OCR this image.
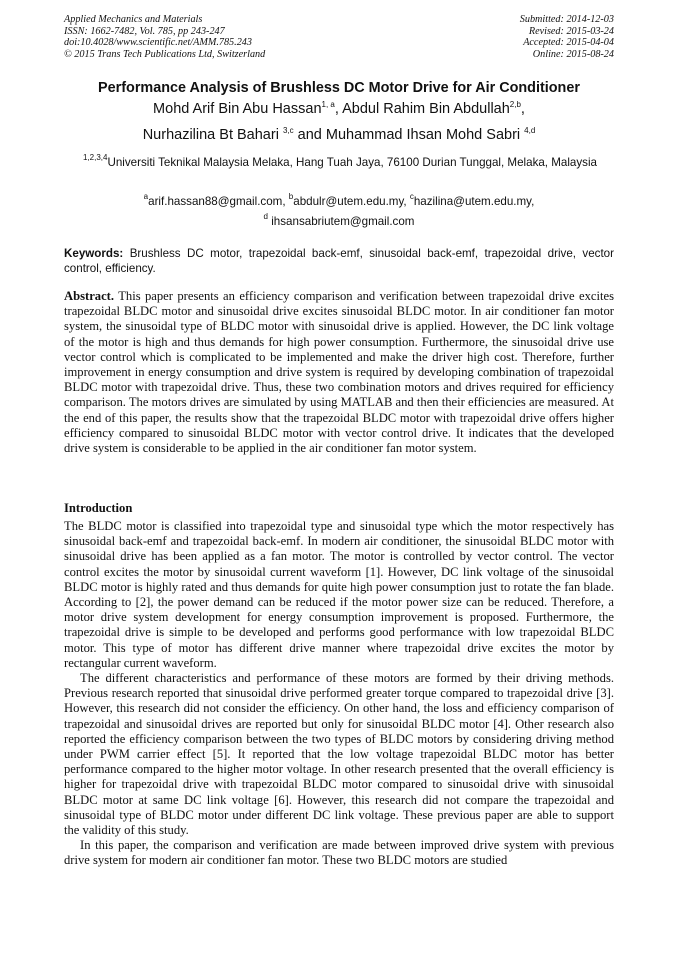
Applied Mechanics and Materials
ISSN: 1662-7482, Vol. 785, pp 243-247
doi:10.4028/www.scientific.net/AMM.785.243
© 2015 Trans Tech Publications Ltd, Switzerland
Submitted: 2014-12-03
Revised: 2015-03-24
Accepted: 2015-04-04
Online: 2015-08-24
Performance Analysis of Brushless DC Motor Drive for Air Conditioner
Mohd Arif Bin Abu Hassan$^{1, a}$, Abdul Rahim Bin Abdullah$^{2,b}$,
Nurhazilina Bt Bahari $^{3,c}$ and Muhammad Ihsan Mohd Sabri $^{4,d}$
$^{1,2,3,4}$Universiti Teknikal Malaysia Melaka, Hang Tuah Jaya, 76100 Durian Tunggal, Melaka, Malaysia
$^a$arif.hassan88@gmail.com, $^b$abdulr@utem.edu.my, $^c$hazilina@utem.edu.my,
$^d$ ihsansabriutem@gmail.com
Keywords: Brushless DC motor, trapezoidal back-emf, sinusoidal back-emf, trapezoidal drive, vector control, efficiency.

Abstract. This paper presents an efficiency comparison and verification between trapezoidal drive excites trapezoidal BLDC motor and sinusoidal drive excites sinusoidal BLDC motor. In air conditioner fan motor system, the sinusoidal type of BLDC motor with sinusoidal drive is applied. However, the DC link voltage of the motor is high and thus demands for high power consumption. Furthermore, the sinusoidal drive use vector control which is complicated to be implemented and make the driver high cost. Therefore, further improvement in energy consumption and drive system is required by developing combination of trapezoidal BLDC motor with trapezoidal drive. Thus, these two combination motors and drives required for efficiency comparison. The motors drives are simulated by using MATLAB and then their efficiencies are measured. At the end of this paper, the results show that the trapezoidal BLDC motor with trapezoidal drive offers higher efficiency compared to sinusoidal BLDC motor with vector control drive. It indicates that the developed drive system is considerable to be applied in the air conditioner fan motor system.

Introduction

The BLDC motor is classified into trapezoidal type and sinusoidal type which the motor respectively has sinusoidal back-emf and trapezoidal back-emf. In modern air conditioner, the sinusoidal BLDC motor with sinusoidal drive has been applied as a fan motor. The motor is controlled by vector control. The vector control excites the motor by sinusoidal current waveform [1]. However, DC link voltage of the sinusoidal BLDC motor is highly rated and thus demands for quite high power consumption just to rotate the fan blade. According to [2], the power demand can be reduced if the motor power size can be reduced. Therefore, a motor drive system development for energy consumption improvement is proposed. Furthermore, the trapezoidal drive is simple to be developed and performs good performance with low trapezoidal BLDC motor. This type of motor has different drive manner where trapezoidal drive excites the motor by rectangular current waveform.

The different characteristics and performance of these motors are formed by their driving methods. Previous research reported that sinusoidal drive performed greater torque compared to trapezoidal drive [3]. However, this research did not consider the efficiency. On other hand, the loss and efficiency comparison of trapezoidal and sinusoidal drives are reported but only for sinusoidal BLDC motor [4]. Other research also reported the efficiency comparison between the two types of BLDC motors by considering driving method under PWM carrier effect [5]. It reported that the low voltage trapezoidal BLDC motor has better performance compared to the higher motor voltage. In other research presented that the overall efficiency is higher for trapezoidal drive with trapezoidal BLDC motor compared to sinusoidal drive with sinusoidal BLDC motor at same DC link voltage [6]. However, this research did not compare the trapezoidal and sinusoidal type of BLDC motor under different DC link voltage. These previous paper are able to support the validity of this study.

In this paper, the comparison and verification are made between improved drive system with previous drive system for modern air conditioner fan motor. These two BLDC motors are studied
